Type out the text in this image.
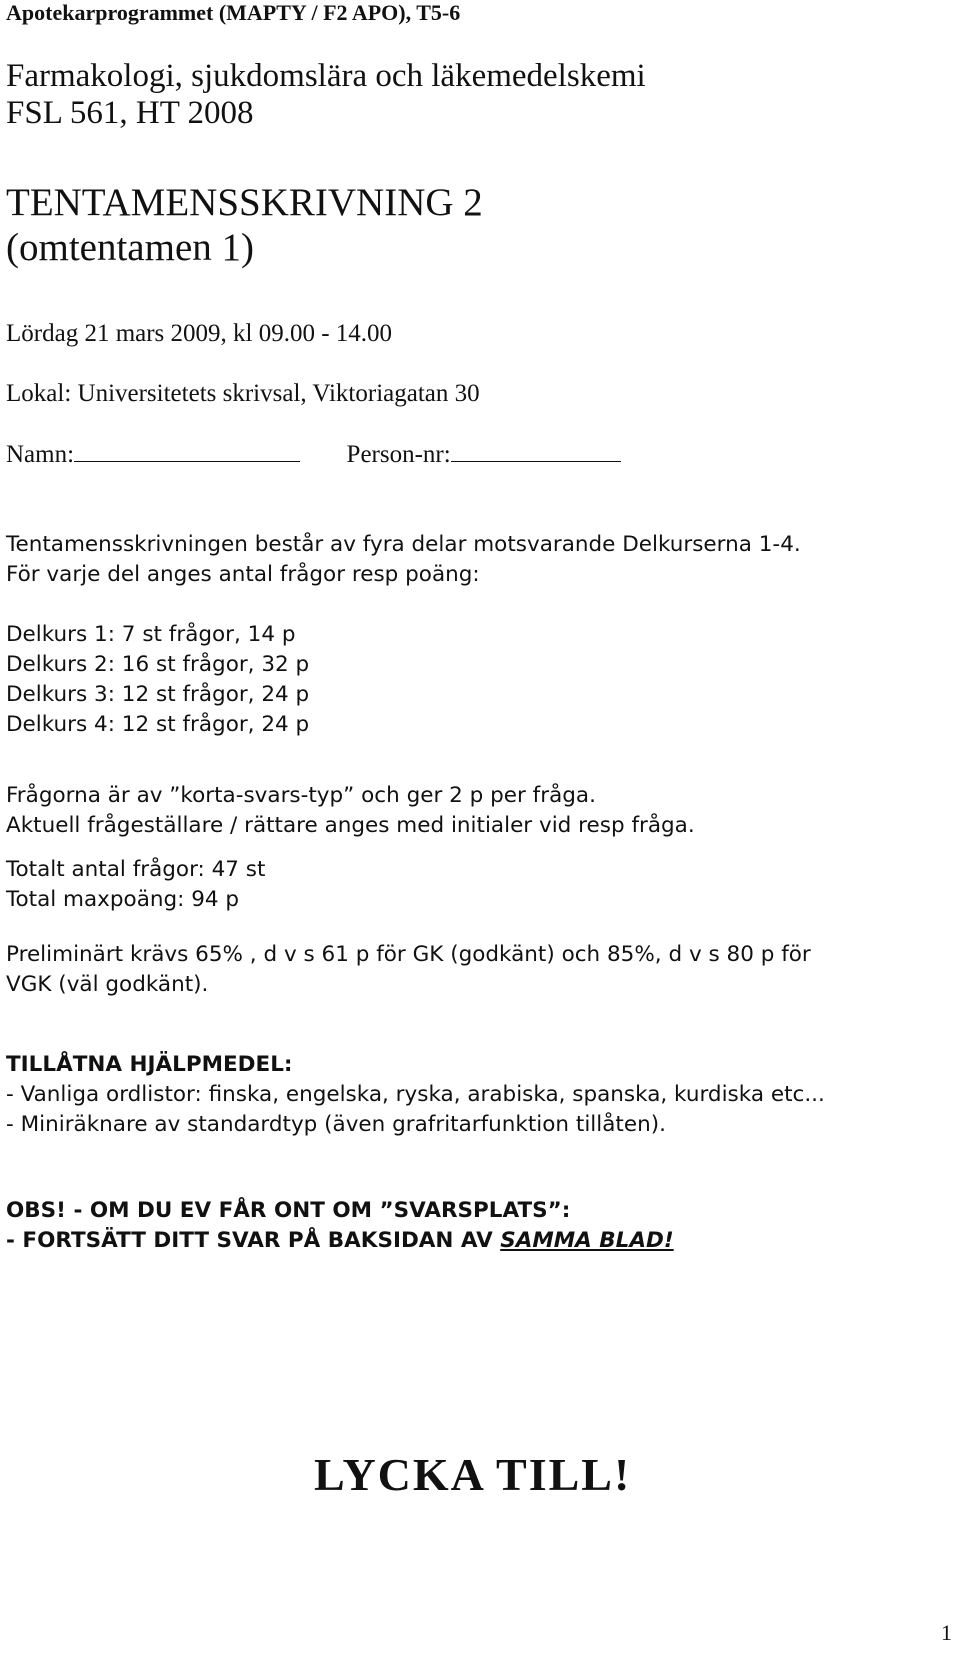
Apotekarprogrammet (MAPTY / F2 APO), T5-6
Farmakologi, sjukdomslära och läkemedelskemi
FSL 561, HT 2008
TENTAMENSSKRIVNING 2
(omtentamen 1)
Lördag 21 mars 2009, kl 09.00 - 14.00
Lokal: Universitetets skrivsal, Viktoriagatan 30
Namn:	Person-nr:
Tentamensskrivningen består av fyra delar motsvarande Delkurserna 1-4.
För varje del anges antal frågor resp poäng:
Delkurs 1: 7 st frågor, 14 p
Delkurs 2: 16 st frågor, 32 p
Delkurs 3: 12 st frågor, 24 p
Delkurs 4: 12 st frågor, 24 p
Frågorna är av ”korta-svars-typ” och ger 2 p per fråga.
Aktuell frågeställare / rättare anges med initialer vid resp fråga.
Totalt antal frågor: 47 st
Total maxpoäng: 94 p
Preliminärt krävs 65% , d v s 61 p för GK (godkänt) och 85%, d v s 80 p för
VGK (väl godkänt).
TILLÅTNA HJÄLPMEDEL:
- Vanliga ordlistor: finska, engelska, ryska, arabiska, spanska, kurdiska etc...
- Miniräknare av standardtyp (även grafritarfunktion tillåten).
OBS! - OM DU EV FÅR ONT OM ”SVARSPLATS”:
- FORTSÄTT DITT SVAR PÅ BAKSIDAN AV SAMMA BLAD!
LYCKA TILL!
1
